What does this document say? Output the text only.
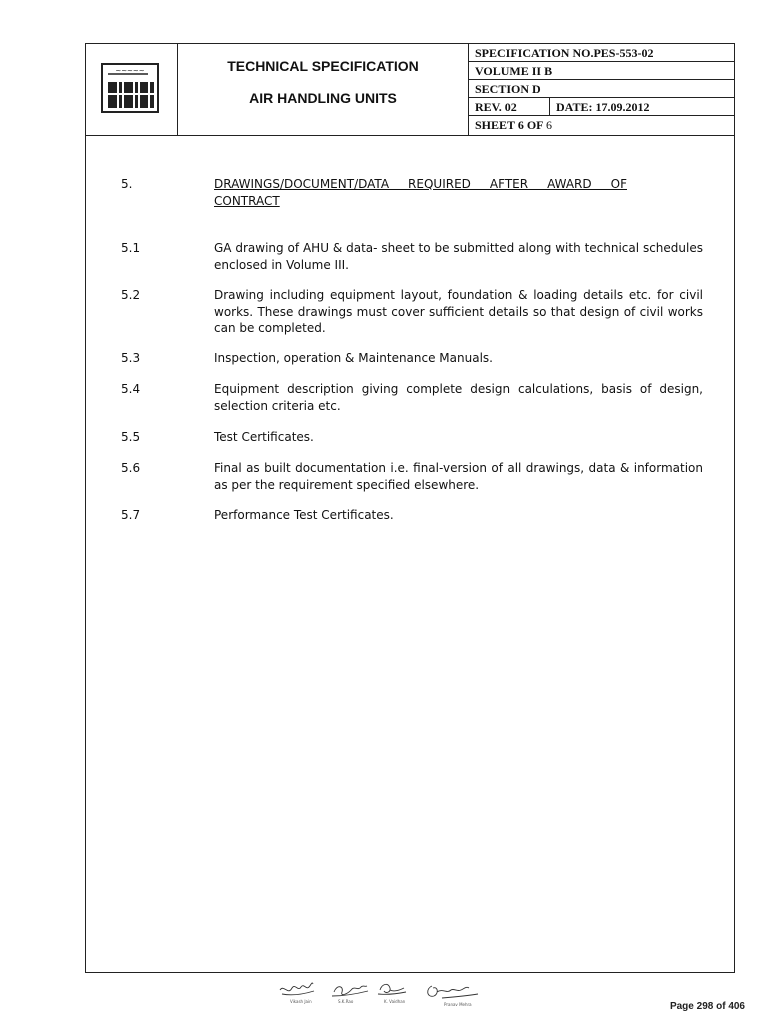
~~~~~	TECHNICAL SPECIFICATION
AIR HANDLING UNITS
SPECIFICATION NO.PES-553-02
VOLUME II B
SECTION D
REV. 02	DATE: 17.09.2012
SHEET 6 OF 6
5.	DRAWINGS/DOCUMENT/DATA REQUIRED AFTER AWARD OF
CONTRACT
5.1	GA drawing of AHU & data- sheet to be submitted along with technical schedules enclosed in Volume III.
5.2	Drawing including equipment layout, foundation & loading details etc. for civil works. These drawings must cover sufficient details so that design of civil works can be completed.
5.3	Inspection, operation & Maintenance Manuals.
5.4	Equipment description giving complete design calculations, basis of design, selection criteria etc.
5.5	Test Certificates.
5.6	Final as built documentation i.e. final-version of all drawings, data & information as per the requirement specified elsewhere.
5.7	Performance Test Certificates.
Vikash Jain	S.K.Rao	K. Vaidhan
Pranav Mehra	Page 298 of 406
